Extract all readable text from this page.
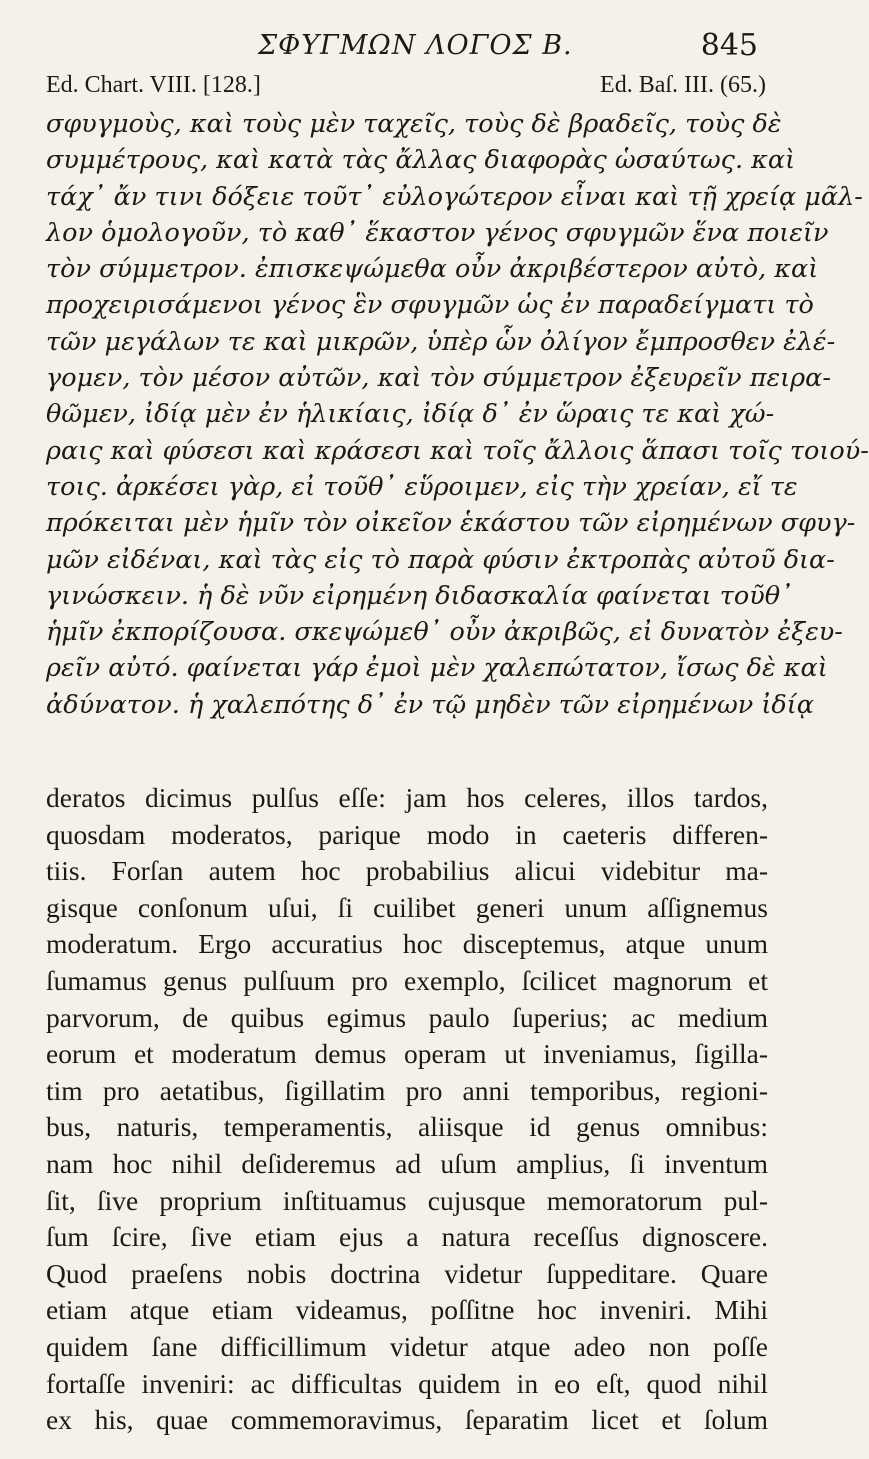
ΣΦΥΓΜΩΝ ΛΟΓΟΣ Β.	845
Ed. Chart. VIII. [128.]	Ed. Baſ. III. (65.)
σφυγμοὺς, καὶ τοὺς μὲν ταχεῖς, τοὺς δὲ βραδεῖς, τοὺς δὲ
συμμέτρους, καὶ κατὰ τὰς ἄλλας διαφορὰς ὡσαύτως. καὶ
τάχ᾽ ἄν τινι δόξειε τοῦτ᾽ εὐλογώτερον εἶναι καὶ τῇ χρείᾳ μᾶλ-
λον ὁμολογοῦν, τὸ καθ᾽ ἕκαστον γένος σφυγμῶν ἕνα ποιεῖν
τὸν σύμμετρον. ἐπισκεψώμεθα οὖν ἀκριβέστερον αὐτὸ, καὶ
προχειρισάμενοι γένος ἓν σφυγμῶν ὡς ἐν παραδείγματι τὸ
τῶν μεγάλων τε καὶ μικρῶν, ὑπὲρ ὧν ὀλίγον ἔμπροσθεν ἐλέ-
γομεν, τὸν μέσον αὐτῶν, καὶ τὸν σύμμετρον ἐξευρεῖν πειρα-
θῶμεν, ἰδίᾳ μὲν ἐν ἡλικίαις, ἰδίᾳ δ᾽ ἐν ὥραις τε καὶ χώ-
ραις καὶ φύσεσι καὶ κράσεσι καὶ τοῖς ἄλλοις ἅπασι τοῖς τοιού-
τοις. ἀρκέσει γὰρ, εἰ τοῦθ᾽ εὕροιμεν, εἰς τὴν χρείαν, εἴ τε
πρόκειται μὲν ἡμῖν τὸν οἰκεῖον ἑκάστου τῶν εἰρημένων σφυγ-
μῶν εἰδέναι, καὶ τὰς εἰς τὸ παρὰ φύσιν ἐκτροπὰς αὐτοῦ δια-
γινώσκειν. ἡ δὲ νῦν εἰρημένη διδασκαλία φαίνεται τοῦθ᾽
ἡμῖν ἐκπορίζουσα. σκεψώμεθ᾽ οὖν ἀκριβῶς, εἰ δυνατὸν ἐξευ-
ρεῖν αὐτό. φαίνεται γάρ ἐμοὶ μὲν χαλεπώτατον, ἴσως δὲ καὶ
ἀδύνατον. ἡ χαλεπότης δ᾽ ἐν τῷ μηδὲν τῶν εἰρημένων ἰδίᾳ
deratos dicimus pulſus eſſe: jam hos celeres, illos tardos,
quosdam moderatos, parique modo in caeteris differen-
tiis. Forſan autem hoc probabilius alicui videbitur ma-
gisque conſonum uſui, ſi cuilibet generi unum aſſignemus
moderatum. Ergo accuratius hoc disceptemus, atque unum
ſumamus genus pulſuum pro exemplo, ſcilicet magnorum et
parvorum, de quibus egimus paulo ſuperius; ac medium
eorum et moderatum demus operam ut inveniamus, ſigilla-
tim pro aetatibus, ſigillatim pro anni temporibus, regioni-
bus, naturis, temperamentis, aliisque id genus omnibus:
nam hoc nihil deſideremus ad uſum amplius, ſi inventum
ſit, ſive proprium inſtituamus cujusque memoratorum pul-
ſum ſcire, ſive etiam ejus a natura receſſus dignoscere.
Quod praeſens nobis doctrina videtur ſuppeditare. Quare
etiam atque etiam videamus, poſſitne hoc inveniri. Mihi
quidem ſane difficillimum videtur atque adeo non poſſe
fortaſſe inveniri: ac difficultas quidem in eo eſt, quod nihil
ex his, quae commemoravimus, ſeparatim licet et ſolum
